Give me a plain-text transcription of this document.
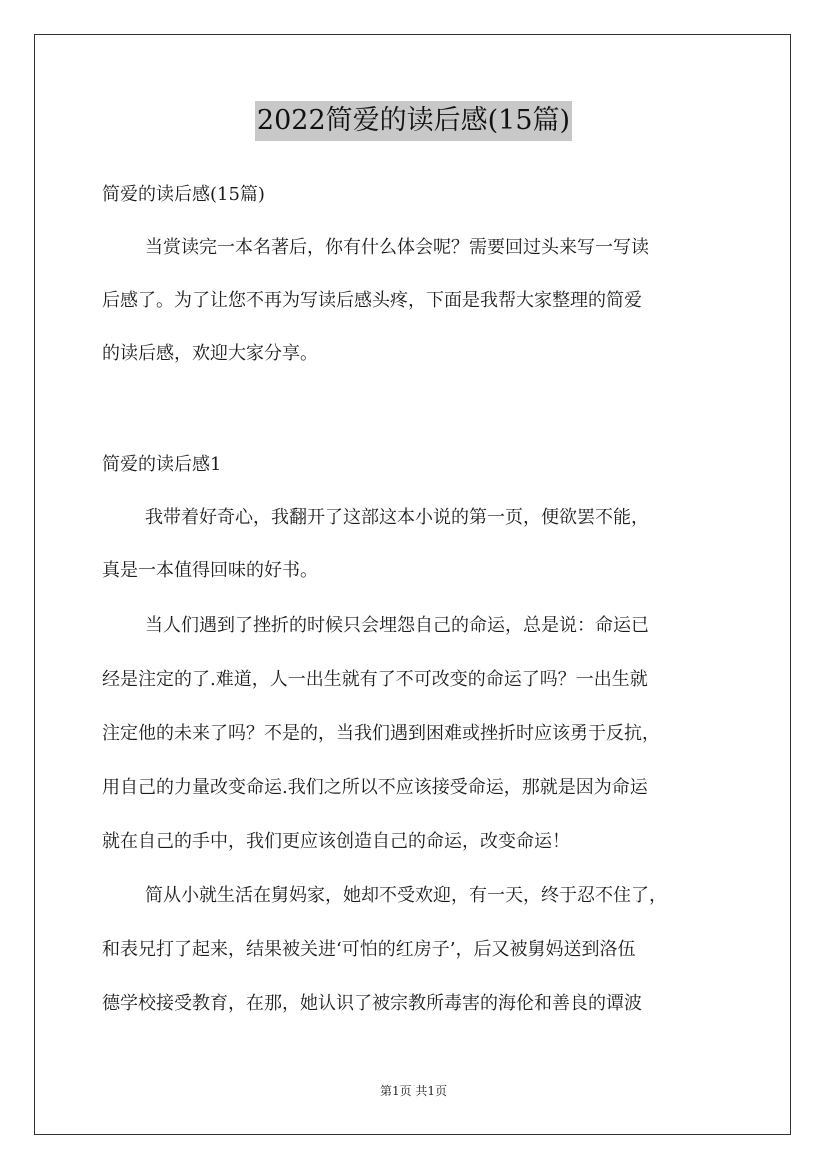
2022简爱的读后感(15篇)
简爱的读后感(15篇)
当赏读完一本名著后，你有什么体会呢？需要回过头来写一写读
后感了。为了让您不再为写读后感头疼，下面是我帮大家整理的简爱
的读后感，欢迎大家分享。
简爱的读后感1
我带着好奇心，我翻开了这部这本小说的第一页，便欲罢不能，
真是一本值得回味的好书。
当人们遇到了挫折的时候只会埋怨自己的命运，总是说：命运已
经是注定的了.难道，人一出生就有了不可改变的命运了吗？一出生就
注定他的未来了吗？不是的，当我们遇到困难或挫折时应该勇于反抗，
用自己的力量改变命运.我们之所以不应该接受命运，那就是因为命运
就在自己的手中，我们更应该创造自己的命运，改变命运！
简从小就生活在舅妈家，她却不受欢迎，有一天，终于忍不住了，
和表兄打了起来，结果被关进‘可怕的红房子’，后又被舅妈送到洛伍
德学校接受教育，在那，她认识了被宗教所毒害的海伦和善良的谭波
第1页 共1页
